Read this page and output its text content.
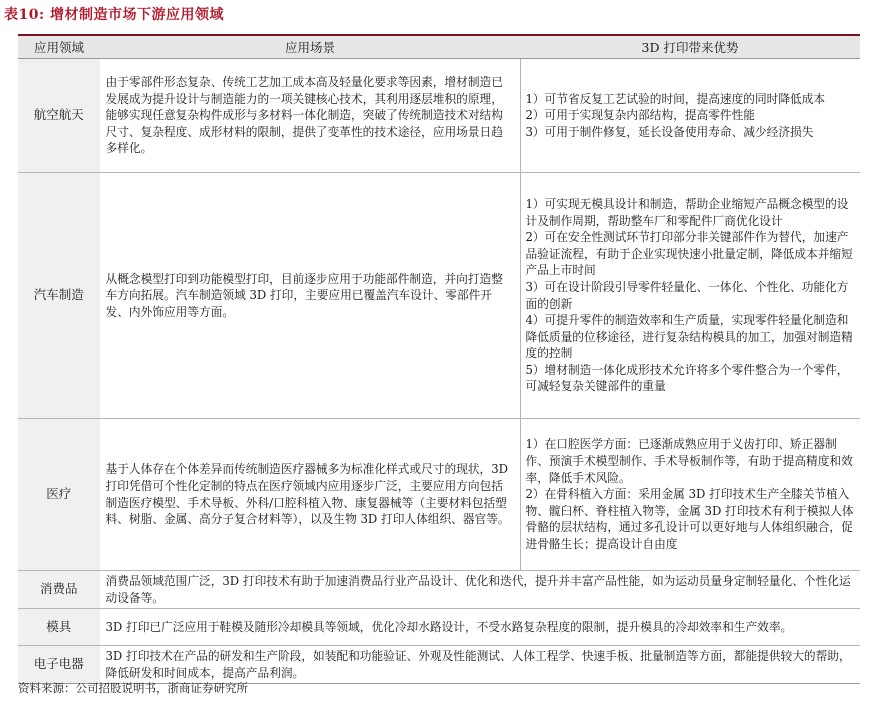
表10: 增材制造市场下游应用领域
应用领域	应用场景	3D 打印带来优势
航空航天	由于零部件形态复杂、传统工艺加工成本高及轻量化要求等因素，增材制造已发展成为提升设计与制造能力的一项关键核心技术，其利用逐层堆积的原理，能够实现任意复杂构件成形与多材料一体化制造，突破了传统制造技术对结构尺寸、复杂程度、成形材料的限制，提供了变革性的技术途径，应用场景日趋多样化。	1）可节省反复工艺试验的时间，提高速度的同时降低成本
2）可用于实现复杂内部结构，提高零件性能
3）可用于制件修复，延长设备使用寿命、减少经济损失

汽车制造	从概念模型打印到功能模型打印，目前逐步应用于功能部件制造，并向打造整车方向拓展。汽车制造领域 3D 打印，主要应用已覆盖汽车设计、零部件开发、内外饰应用等方面。	1）可实现无模具设计和制造，帮助企业缩短产品概念模型的设计及制作周期，帮助整车厂和零配件厂商优化设计
2）可在安全性测试环节打印部分非关键部件作为替代，加速产品验证流程，有助于企业实现快速小批量定制，降低成本并缩短产品上市时间
3）可在设计阶段引导零件轻量化、一体化、个性化、功能化方面的创新
4）可提升零件的制造效率和生产质量，实现零件轻量化制造和降低质量的位移途径，进行复杂结构模具的加工，加强对制造精度的控制
5）增材制造一体化成形技术允许将多个零件整合为一个零件，可减轻复杂关键部件的重量

医疗	基于人体存在个体差异而传统制造医疗器械多为标准化样式或尺寸的现状，3D 打印凭借可个性化定制的特点在医疗领域内应用逐步广泛，主要应用方向包括制造医疗模型、手术导板、外科/口腔科植入物、康复器械等（主要材料包括塑料、树脂、金属、高分子复合材料等），以及生物 3D 打印人体组织、器官等。	1）在口腔医学方面：已逐渐成熟应用于义齿打印、矫正器制作、预演手术模型制作、手术导板制作等，有助于提高精度和效率，降低手术风险。
2）在骨科植入方面：采用金属 3D 打印技术生产全膝关节植入物、髋臼杯、脊柱植入物等，金属 3D 打印技术有利于模拟人体骨骼的层状结构，通过多孔设计可以更好地与人体组织融合，促进骨骼生长；提高设计自由度

消费品	消费品领域范围广泛，3D 打印技术有助于加速消费品行业产品设计、优化和迭代，提升并丰富产品性能，如为运动员量身定制轻量化、个性化运动设备等。	
模具	3D 打印已广泛应用于鞋模及随形冷却模具等领域，优化冷却水路设计，不受水路复杂程度的限制，提升模具的冷却效率和生产效率。	
电子电器	3D 打印技术在产品的研发和生产阶段，如装配和功能验证、外观及性能测试、人体工程学、快速手板、批量制造等方面，都能提供较大的帮助，降低研发和时间成本，提高产品利润。	
资料来源：公司招股说明书，浙商证券研究所
